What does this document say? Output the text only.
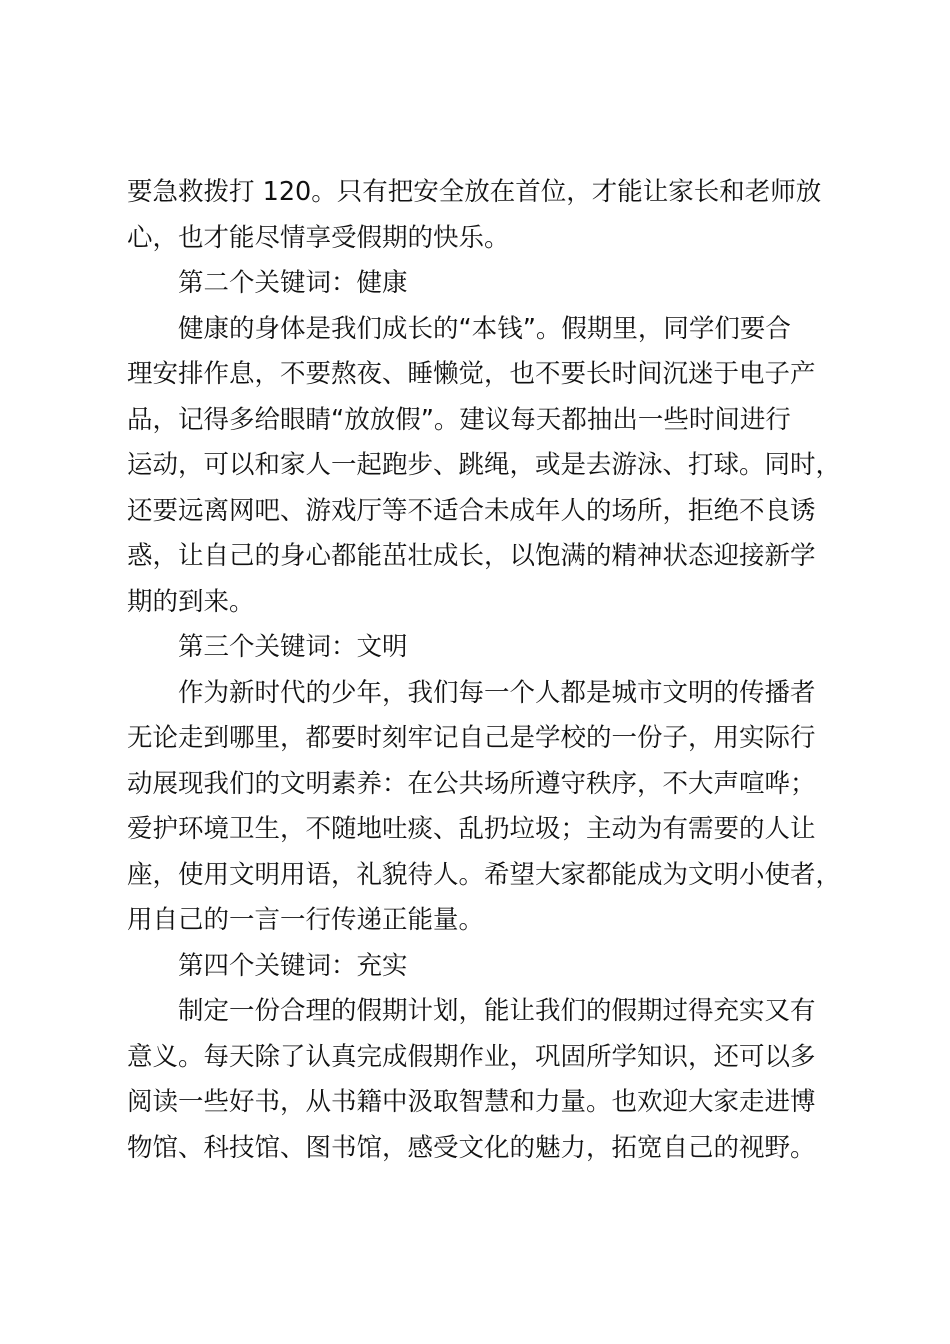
要急救拨打 120。只有把安全放在首位，才能让家长和老师放
心，也才能尽情享受假期的快乐。
第二个关键词：健康
健康的身体是我们成长的“本钱”。假期里，同学们要合
理安排作息，不要熬夜、睡懒觉，也不要长时间沉迷于电子产
品，记得多给眼睛“放放假”。建议每天都抽出一些时间进行
运动，可以和家人一起跑步、跳绳，或是去游泳、打球。同时，
还要远离网吧、游戏厅等不适合未成年人的场所，拒绝不良诱
惑，让自己的身心都能茁壮成长，以饱满的精神状态迎接新学
期的到来。
第三个关键词：文明
作为新时代的少年，我们每一个人都是城市文明的传播者
无论走到哪里，都要时刻牢记自己是学校的一份子，用实际行
动展现我们的文明素养：在公共场所遵守秩序，不大声喧哗；
爱护环境卫生，不随地吐痰、乱扔垃圾；主动为有需要的人让
座，使用文明用语，礼貌待人。希望大家都能成为文明小使者，
用自己的一言一行传递正能量。
第四个关键词：充实
制定一份合理的假期计划，能让我们的假期过得充实又有
意义。每天除了认真完成假期作业，巩固所学知识，还可以多
阅读一些好书，从书籍中汲取智慧和力量。也欢迎大家走进博
物馆、科技馆、图书馆，感受文化的魅力，拓宽自己的视野。
